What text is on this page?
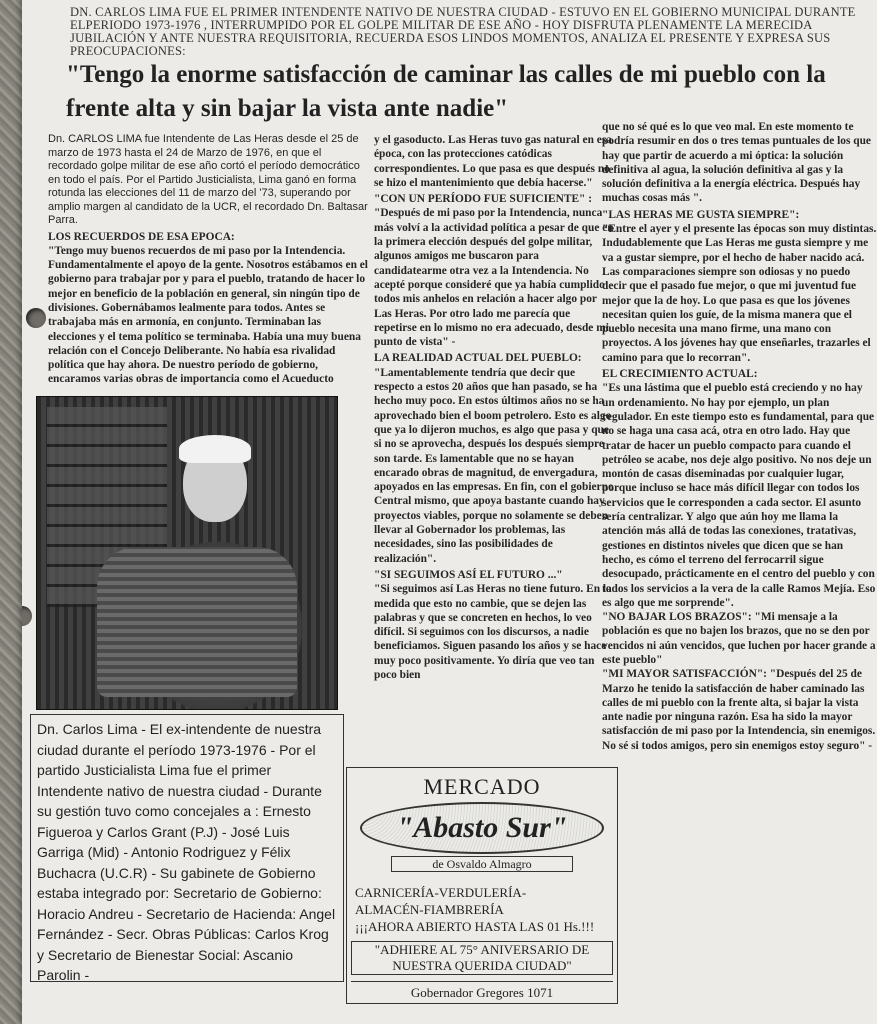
DN. CARLOS LIMA FUE EL PRIMER INTENDENTE NATIVO DE NUESTRA CIUDAD - ESTUVO EN EL GOBIERNO MUNICIPAL DURANTE ELPERIODO 1973-1976 , INTERRUMPIDO POR EL GOLPE MILITAR DE ESE AÑO - HOY DISFRUTA PLENAMENTE LA MERECIDA JUBILACIÓN Y ANTE NUESTRA REQUISITORIA, RECUERDA ESOS LINDOS MOMENTOS, ANALIZA EL PRESENTE Y EXPRESA SUS PREOCUPACIONES:
"Tengo la enorme satisfacción de caminar las calles de mi pueblo con la frente alta y sin bajar la vista ante nadie"

Dn. CARLOS LIMA fue Intendente de Las Heras desde el 25 de marzo de 1973 hasta el 24 de Marzo de 1976, en que el recordado golpe militar de ese año cortó el período democrático en todo el país. Por el Partido Justicialista, Lima ganó en forma rotunda las elecciones del 11 de marzo del '73, superando por amplio margen al candidato de la UCR, el recordado Dn. Baltasar Parra.

LOS RECUERDOS DE ESA EPOCA:

"Tengo muy buenos recuerdos de mi paso por la Intendencia. Fundamentalmente el apoyo de la gente. Nosotros estábamos en el gobierno para trabajar por y para el pueblo, tratando de hacer lo mejor en beneficio de la población en general, sin ningún tipo de divisiones. Gobernábamos lealmente para todos. Antes se trabajaba más en armonía, en conjunto. Terminaban las elecciones y el tema político se terminaba. Había una muy buena relación con el Concejo Deliberante. No había esa rivalidad política que hay ahora. De nuestro período de gobierno, encaramos varias obras de importancia como el Acueducto

Dn. Carlos Lima - El ex-intendente de nuestra ciudad durante el período 1973-1976 - Por el partido Justicialista Lima fue el primer Intendente nativo de nuestra ciudad - Durante su gestión tuvo como concejales a : Ernesto Figueroa y Carlos Grant (P.J) - José Luis Garriga (Mid) - Antonio Rodriguez y Félix Buchacra (U.C.R) - Su gabinete de Gobierno estaba integrado por: Secretario de Gobierno: Horacio Andreu - Secretario de Hacienda: Angel Fernández - Secr. Obras Públicas: Carlos Krog y Secretario de Bienestar Social: Ascanio Parolin -

y el gasoducto. Las Heras tuvo gas natural en esa época, con las protecciones catódicas correspondientes. Lo que pasa es que después no se hizo el mantenimiento que debía hacerse."

"CON UN PERÍODO FUE SUFICIENTE" :

"Después de mi paso por la Intendencia, nunca más volví a la actividad política a pesar de que en la primera elección después del golpe militar, algunos amigos me buscaron para candidatearme otra vez a la Intendencia. No acepté porque consideré que ya había cumplido todos mis anhelos en relación a hacer algo por Las Heras. Por otro lado me parecía que repetirse en lo mismo no era adecuado, desde mi punto de vista" -

LA REALIDAD ACTUAL DEL PUEBLO:

"Lamentablemente tendría que decir que respecto a estos 20 años que han pasado, se ha hecho muy poco. En estos últimos años no se ha aprovechado bien el boom petrolero. Esto es algo que ya lo dijeron muchos, es algo que pasa y que si no se aprovecha, después los después siempre son tarde. Es lamentable que no se hayan encarado obras de magnitud, de envergadura, apoyados en las empresas. En fin, con el gobierno Central mismo, que apoya bastante cuando hay proyectos viables, porque no solamente se deben llevar al Gobernador los problemas, las necesidades, sino las posibilidades de realización".

"SI SEGUIMOS ASÍ EL FUTURO ..."

"Si seguimos así Las Heras no tiene futuro. En la medida que esto no cambie, que se dejen las palabras y que se concreten en hechos, lo veo difícil. Si seguimos con los discursos, a nadie beneficiamos. Siguen pasando los años y se hace muy poco positivamente. Yo diría que veo tan poco bien

que no sé qué es lo que veo mal. En este momento te podría resumir en dos o tres temas puntuales de los que hay que partir de acuerdo a mi óptica: la solución definitiva al agua, la solución definitiva al gas y la solución definitiva a la energía eléctrica. Después hay muchas cosas más ".

"LAS HERAS ME GUSTA SIEMPRE":

"Entre el ayer y el presente las épocas son muy distintas. Indudablemente que Las Heras me gusta siempre y me va a gustar siempre, por el hecho de haber nacido acá. Las comparaciones siempre son odiosas y no puedo decir que el pasado fue mejor, o que mi juventud fue mejor que la de hoy. Lo que pasa es que los jóvenes necesitan quien los guíe, de la misma manera que el pueblo necesita una mano firme, una mano con proyectos. A los jóvenes hay que enseñarles, trazarles el camino para que lo recorran".

EL CRECIMIENTO ACTUAL:

"Es una lástima que el pueblo está creciendo y no hay un ordenamiento. No hay por ejemplo, un plan regulador. En este tiempo esto es fundamental, para que no se haga una casa acá, otra en otro lado. Hay que tratar de hacer un pueblo compacto para cuando el petróleo se acabe, nos deje algo positivo. No nos deje un montón de casas diseminadas por cualquier lugar, porque incluso se hace más difícil llegar con todos los servicios que le corresponden a cada sector. El asunto sería centralizar. Y algo que aún hoy me llama la atención más allá de todas las conexiones, tratativas, gestiones en distintos niveles que dicen que se han hecho, es cómo el terreno del ferrocarril sigue desocupado, prácticamente en el centro del pueblo y con todos los servicios a la vera de la calle Ramos Mejía. Eso es algo que me sorprende".

"NO BAJAR LOS BRAZOS": "Mi mensaje a la población es que no bajen los brazos, que no se den por vencidos ni aún vencidos, que luchen por hacer grande a este pueblo"

"MI MAYOR SATISFACCIÓN": "Después del 25 de Marzo he tenido la satisfacción de haber caminado las calles de mi pueblo con la frente alta, si bajar la vista ante nadie por ninguna razón. Esa ha sido la mayor satisfacción de mi paso por la Intendencia, sin enemigos. No sé si todos amigos, pero sin enemigos estoy seguro" -

MERCADO
"Abasto Sur"
de Osvaldo Almagro
CARNICERÍA-VERDULERÍA-
ALMACÉN-FIAMBRERÍA
¡¡¡AHORA ABIERTO HASTA LAS 01 Hs.!!!
"ADHIERE AL 75° ANIVERSARIO DE NUESTRA QUERIDA CIUDAD"
Gobernador Gregores 1071
